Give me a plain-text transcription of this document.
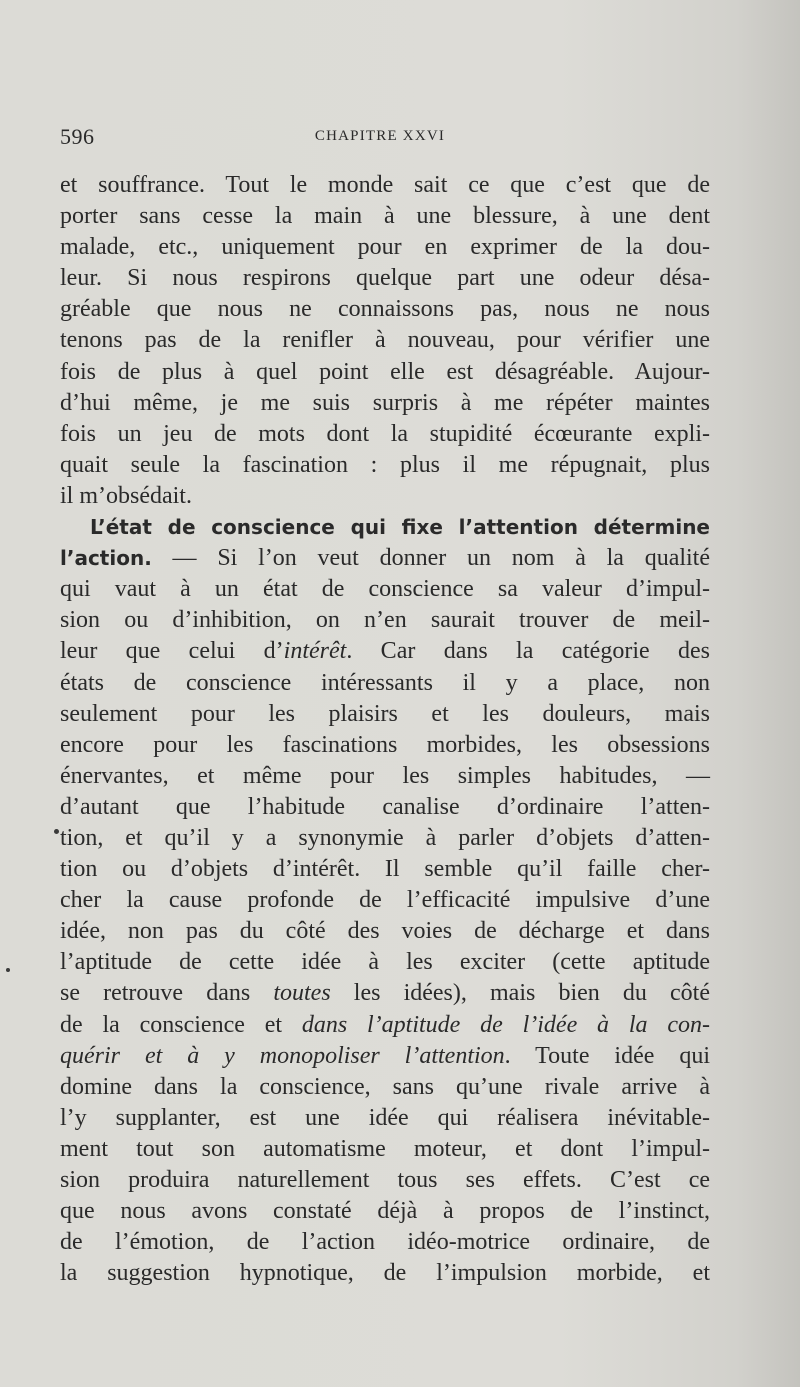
596	CHAPITRE XXVI
et souffrance. Tout le monde sait ce que c’est que de
porter sans cesse la main à une blessure, à une dent
malade, etc., uniquement pour en exprimer de la dou-
leur. Si nous respirons quelque part une odeur désa-
gréable que nous ne connaissons pas, nous ne nous
tenons pas de la renifler à nouveau, pour vérifier une
fois de plus à quel point elle est désagréable. Aujour-
d’hui même, je me suis surpris à me répéter maintes
fois un jeu de mots dont la stupidité écœurante expli-
quait seule la fascination : plus il me répugnait, plus
il m’obsédait.
L’état de conscience qui fixe l’attention détermine
l’action. — Si l’on veut donner un nom à la qualité
qui vaut à un état de conscience sa valeur d’impul-
sion ou d’inhibition, on n’en saurait trouver de meil-
leur que celui d’intérêt. Car dans la catégorie des
états de conscience intéressants il y a place, non
seulement pour les plaisirs et les douleurs, mais
encore pour les fascinations morbides, les obsessions
énervantes, et même pour les simples habitudes, —
d’autant que l’habitude canalise d’ordinaire l’atten-
tion, et qu’il y a synonymie à parler d’objets d’atten-
tion ou d’objets d’intérêt. Il semble qu’il faille cher-
cher la cause profonde de l’efficacité impulsive d’une
idée, non pas du côté des voies de décharge et dans
l’aptitude de cette idée à les exciter (cette aptitude
se retrouve dans toutes les idées), mais bien du côté
de la conscience et dans l’aptitude de l’idée à la con-
quérir et à y monopoliser l’attention. Toute idée qui
domine dans la conscience, sans qu’une rivale arrive à
l’y supplanter, est une idée qui réalisera inévitable-
ment tout son automatisme moteur, et dont l’impul-
sion produira naturellement tous ses effets. C’est ce
que nous avons constaté déjà à propos de l’instinct,
de l’émotion, de l’action idéo-motrice ordinaire, de
la suggestion hypnotique, de l’impulsion morbide, et
